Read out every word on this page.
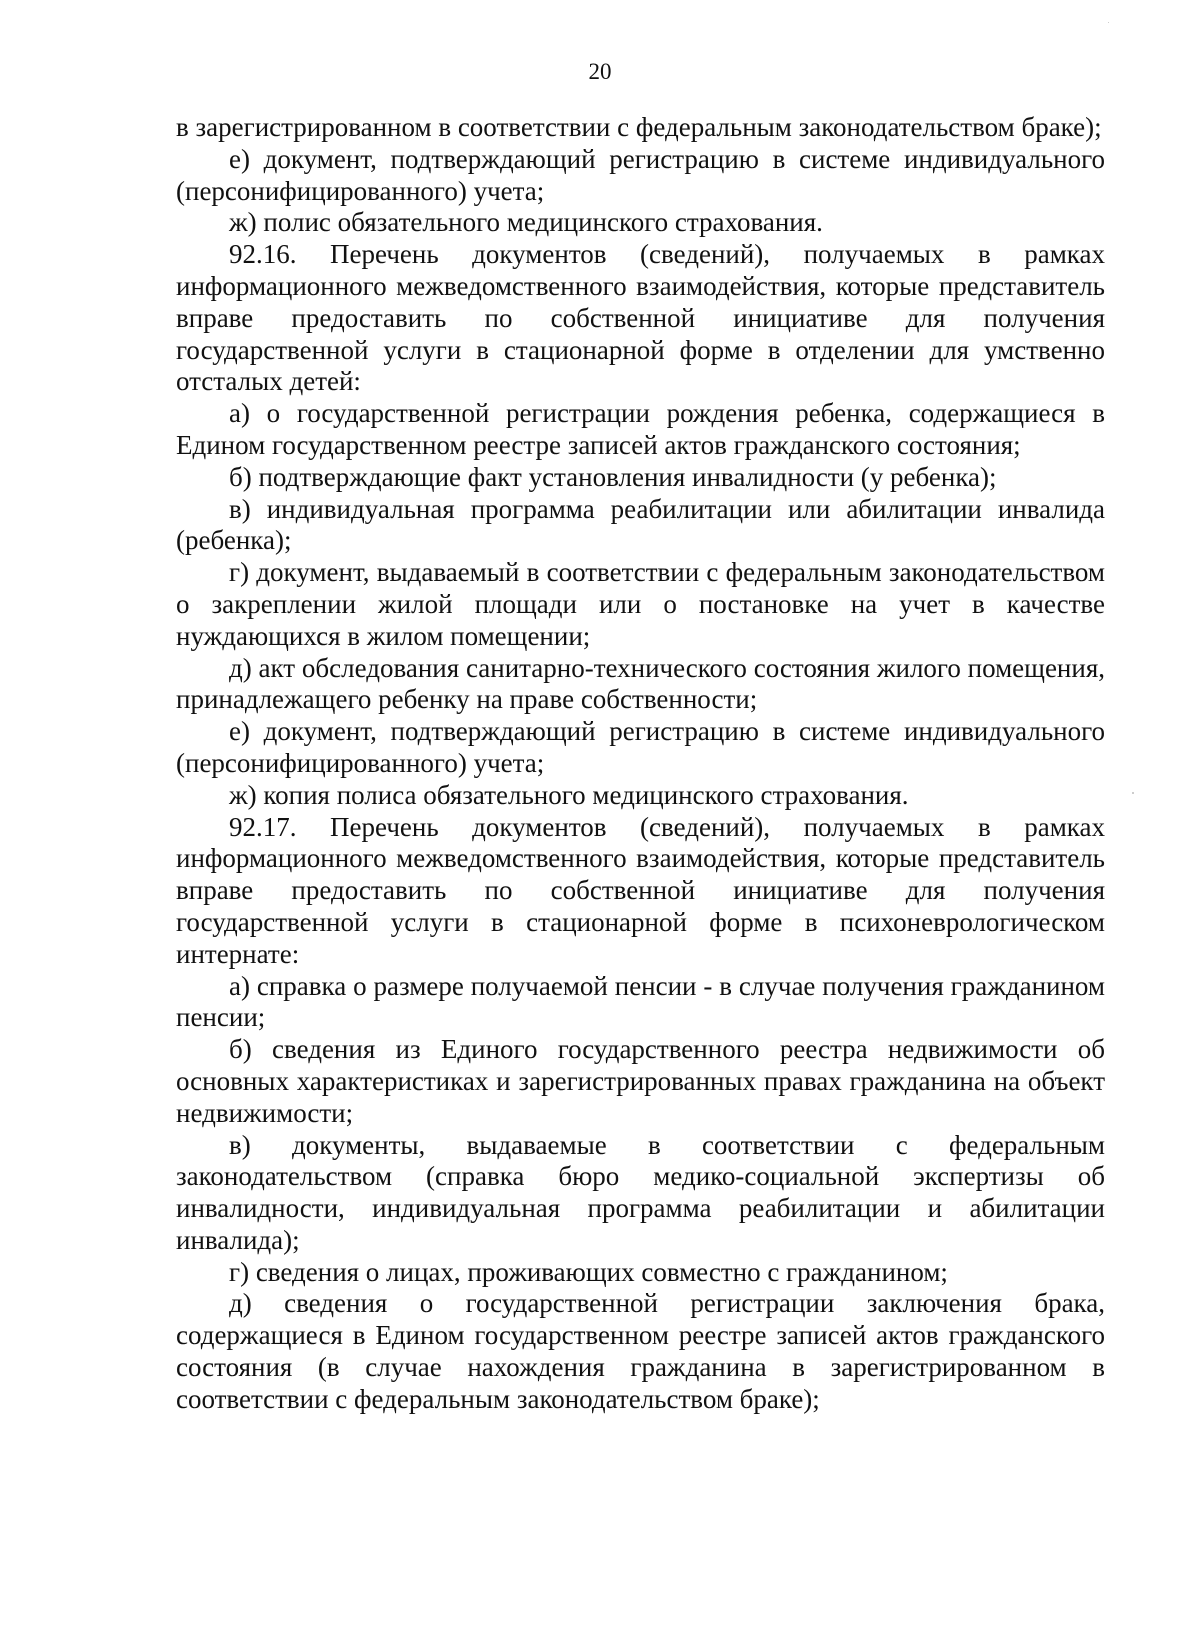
20

в зарегистрированном в соответствии с федеральным законодательством браке);

е) документ, подтверждающий регистрацию в системе индивидуального (персонифицированного) учета;

ж) полис обязательного медицинского страхования.

92.16. Перечень документов (сведений), получаемых в рамках информационного межведомственного взаимодействия, которые представитель вправе предоставить по собственной инициативе для получения государственной услуги в стационарной форме в отделении для умственно отсталых детей:

а) о государственной регистрации рождения ребенка, содержащиеся в Едином государственном реестре записей актов гражданского состояния;

б) подтверждающие факт установления инвалидности (у ребенка);

в) индивидуальная программа реабилитации или абилитации инвалида (ребенка);

г) документ, выдаваемый в соответствии с федеральным законодательством о закреплении жилой площади или о постановке на учет в качестве нуждающихся в жилом помещении;

д) акт обследования санитарно-технического состояния жилого помещения, принадлежащего ребенку на праве собственности;

е) документ, подтверждающий регистрацию в системе индивидуального (персонифицированного) учета;

ж) копия полиса обязательного медицинского страхования.

92.17. Перечень документов (сведений), получаемых в рамках информационного межведомственного взаимодействия, которые представитель вправе предоставить по собственной инициативе для получения государственной услуги в стационарной форме в психоневрологическом интернате:

а) справка о размере получаемой пенсии - в случае получения гражданином пенсии;

б) сведения из Единого государственного реестра недвижимости об основных характеристиках и зарегистрированных правах гражданина на объект недвижимости;

в) документы, выдаваемые в соответствии с федеральным законодательством (справка бюро медико-социальной экспертизы об инвалидности, индивидуальная программа реабилитации и абилитации инвалида);

г) сведения о лицах, проживающих совместно с гражданином;

д) сведения о государственной регистрации заключения брака, содержащиеся в Едином государственном реестре записей актов гражданского состояния (в случае нахождения гражданина в зарегистрированном в соответствии с федеральным законодательством браке);
